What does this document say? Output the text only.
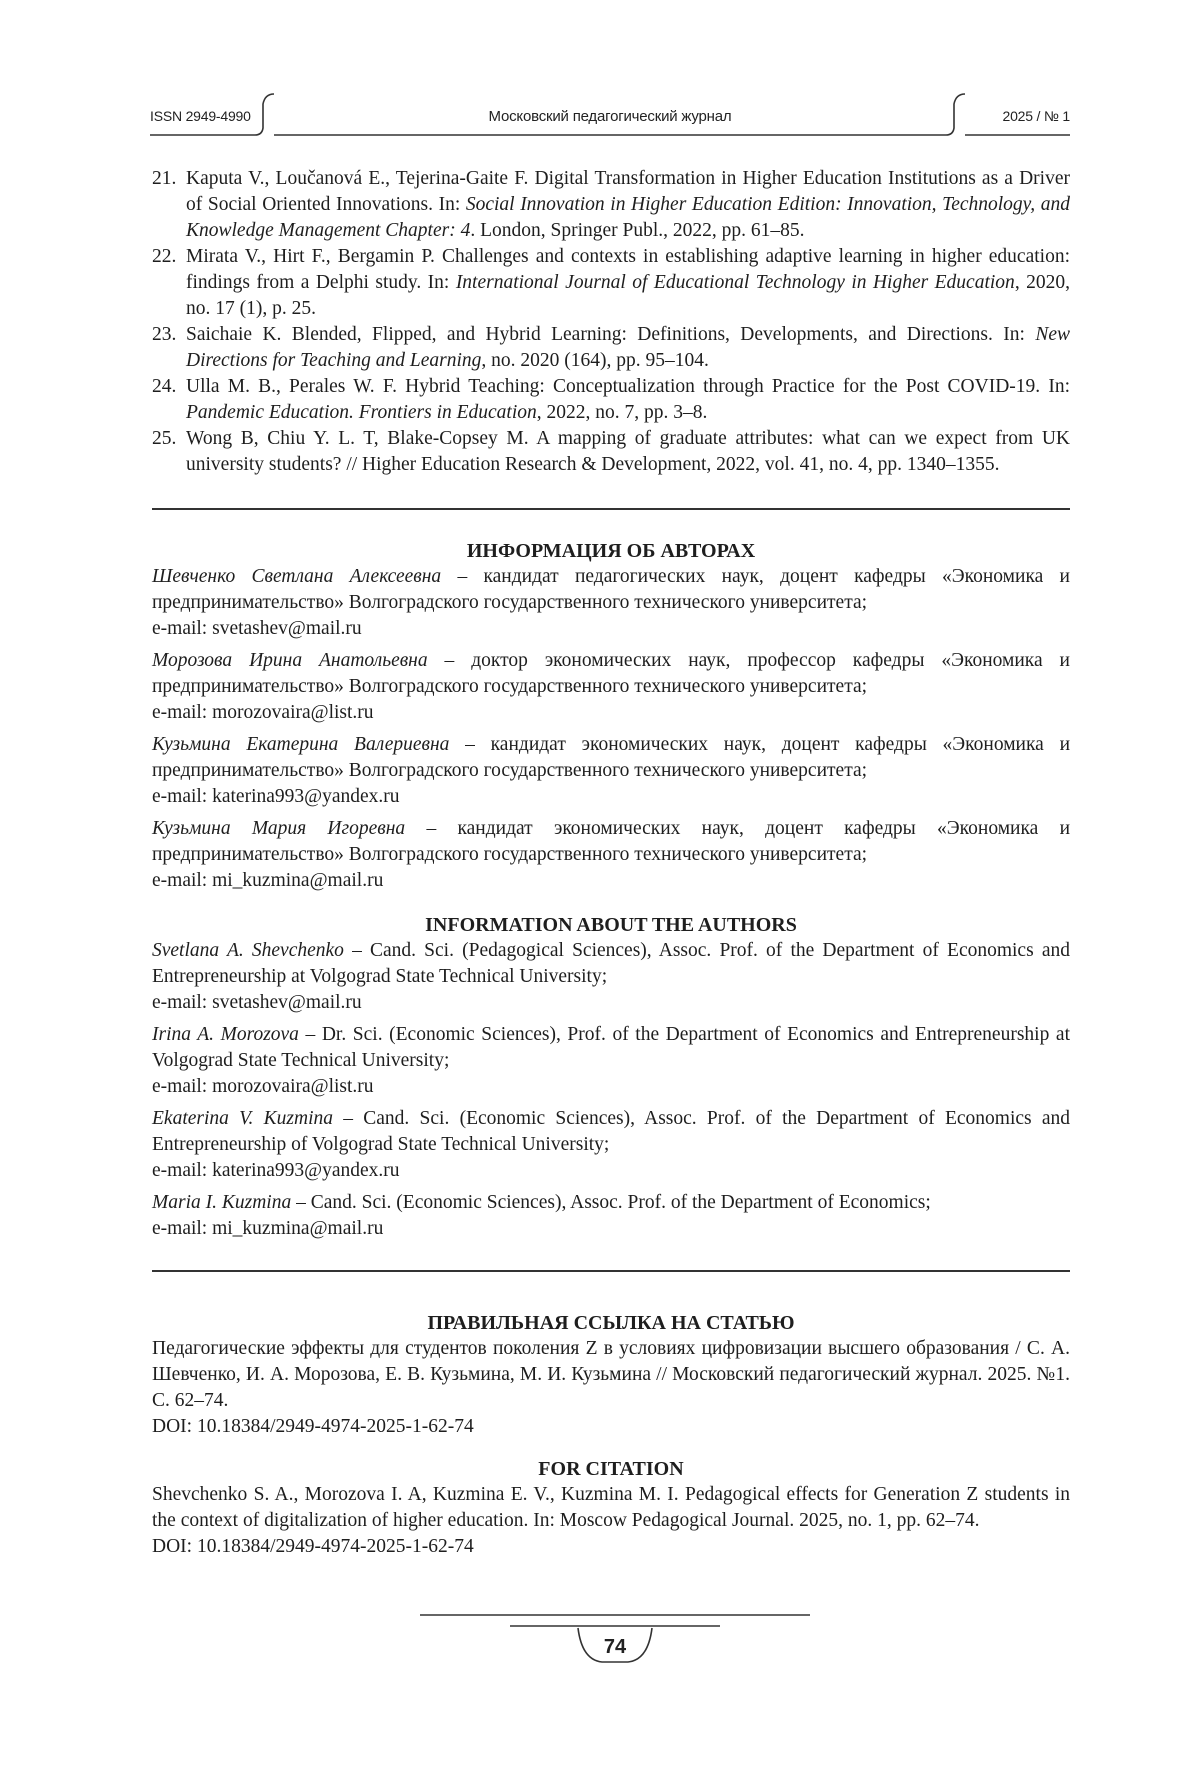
ISSN 2949-4990	Московский педагогический журнал	2025 / № 1
21. Kaputa V., Loučanová E., Tejerina-Gaite F. Digital Transformation in Higher Education Institutions as a Driver of Social Oriented Innovations. In: Social Innovation in Higher Education Edition: Innovation, Technology, and Knowledge Management Chapter: 4. London, Springer Publ., 2022, pp. 61–85.
22. Mirata V., Hirt F., Bergamin P. Challenges and contexts in establishing adaptive learning in higher education: findings from a Delphi study. In: International Journal of Educational Technology in Higher Education, 2020, no. 17 (1), p. 25.
23. Saichaie K. Blended, Flipped, and Hybrid Learning: Definitions, Developments, and Directions. In: New Directions for Teaching and Learning, no. 2020 (164), pp. 95–104.
24. Ulla M. B., Perales W. F. Hybrid Teaching: Conceptualization through Practice for the Post COVID-19. In: Pandemic Education. Frontiers in Education, 2022, no. 7, pp. 3–8.
25. Wong B, Chiu Y. L. T, Blake-Copsey M. A mapping of graduate attributes: what can we expect from UK university students? // Higher Education Research & Development, 2022, vol. 41, no. 4, pp. 1340–1355.
ИНФОРМАЦИЯ ОБ АВТОРАХ
Шевченко Светлана Алексеевна – кандидат педагогических наук, доцент кафедры «Экономика и предпринимательство» Волгоградского государственного технического университета;
e-mail: svetashev@mail.ru
Морозова Ирина Анатольевна – доктор экономических наук, профессор кафедры «Экономика и предпринимательство» Волгоградского государственного технического университета;
e-mail: morozovaira@list.ru
Кузьмина Екатерина Валериевна – кандидат экономических наук, доцент кафедры «Экономика и предпринимательство» Волгоградского государственного технического университета;
e-mail: katerina993@yandex.ru
Кузьмина Мария Игоревна – кандидат экономических наук, доцент кафедры «Экономика и предпринимательство» Волгоградского государственного технического университета;
e-mail: mi_kuzmina@mail.ru
INFORMATION ABOUT THE AUTHORS
Svetlana A. Shevchenko – Cand. Sci. (Pedagogical Sciences), Assoc. Prof. of the Department of Economics and Entrepreneurship at Volgograd State Technical University;
e-mail: svetashev@mail.ru
Irina A. Morozova – Dr. Sci. (Economic Sciences), Prof. of the Department of Economics and Entrepreneurship at Volgograd State Technical University;
e-mail: morozovaira@list.ru
Ekaterina V. Kuzmina – Cand. Sci. (Economic Sciences), Assoc. Prof. of the Department of Economics and Entrepreneurship of Volgograd State Technical University;
e-mail: katerina993@yandex.ru
Maria I. Kuzmina – Cand. Sci. (Economic Sciences), Assoc. Prof. of the Department of Economics;
e-mail: mi_kuzmina@mail.ru
ПРАВИЛЬНАЯ ССЫЛКА НА СТАТЬЮ
Педагогические эффекты для студентов поколения Z в условиях цифровизации высшего образования / С. А. Шевченко, И. А. Морозова, Е. В. Кузьмина, М. И. Кузьмина // Московский педагогический журнал. 2025. №1. С. 62–74.
DOI: 10.18384/2949-4974-2025-1-62-74
FOR CITATION
Shevchenko S. A., Morozova I. A, Kuzmina E. V., Kuzmina M. I. Pedagogical effects for Generation Z students in the context of digitalization of higher education. In: Moscow Pedagogical Journal. 2025, no. 1, pp. 62–74.
DOI: 10.18384/2949-4974-2025-1-62-74
74
